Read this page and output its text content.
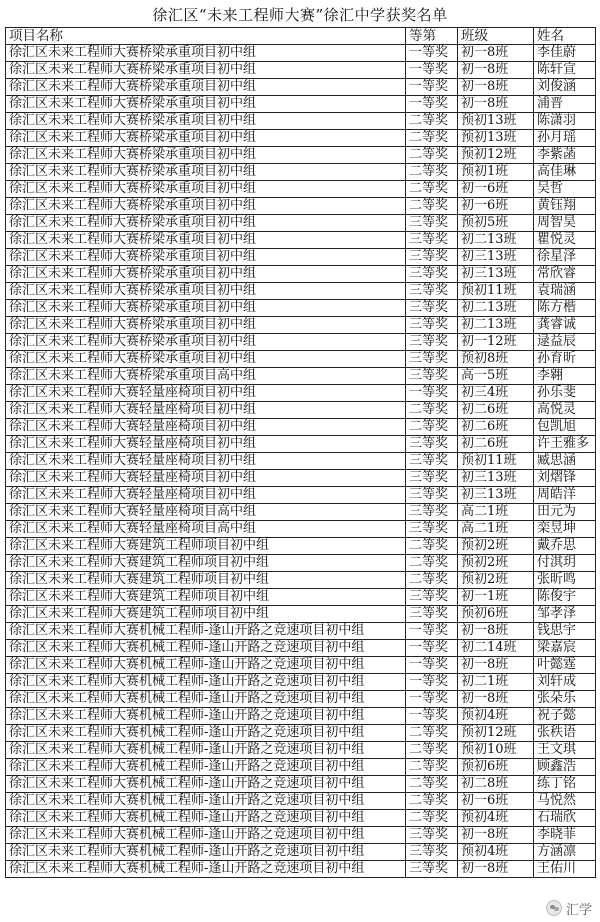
徐汇区“未来工程师大赛”徐汇中学获奖名单
项目名称	等第	班级	姓名
徐汇区未来工程师大赛桥梁承重项目初中组	一等奖	初一8班	李佳蔚
徐汇区未来工程师大赛桥梁承重项目初中组	一等奖	初一8班	陈轩宣
徐汇区未来工程师大赛桥梁承重项目初中组	一等奖	初一8班	刘俊涵
徐汇区未来工程师大赛桥梁承重项目初中组	一等奖	初一8班	浦晋
徐汇区未来工程师大赛桥梁承重项目初中组	二等奖	预初13班	陈潇羽
徐汇区未来工程师大赛桥梁承重项目初中组	二等奖	预初13班	孙月瑶
徐汇区未来工程师大赛桥梁承重项目初中组	二等奖	预初12班	李紫菡
徐汇区未来工程师大赛桥梁承重项目初中组	二等奖	预初1班	高佳琳
徐汇区未来工程师大赛桥梁承重项目初中组	二等奖	初一6班	吴哲
徐汇区未来工程师大赛桥梁承重项目初中组	二等奖	初一6班	黄钰翔
徐汇区未来工程师大赛桥梁承重项目初中组	三等奖	预初5班	周智昊
徐汇区未来工程师大赛桥梁承重项目初中组	三等奖	初二13班	瞿悦灵
徐汇区未来工程师大赛桥梁承重项目初中组	三等奖	初三13班	徐星泽
徐汇区未来工程师大赛桥梁承重项目初中组	三等奖	初三13班	常欣睿
徐汇区未来工程师大赛桥梁承重项目初中组	三等奖	预初11班	袁瑞涵
徐汇区未来工程师大赛桥梁承重项目初中组	三等奖	初二13班	陈方楷
徐汇区未来工程师大赛桥梁承重项目初中组	三等奖	初二13班	龚睿诚
徐汇区未来工程师大赛桥梁承重项目初中组	三等奖	初一12班	逯益辰
徐汇区未来工程师大赛桥梁承重项目初中组	三等奖	预初8班	孙育昕
徐汇区未来工程师大赛桥梁承重项目高中组	三等奖	高一5班	李翱
徐汇区未来工程师大赛轻量座椅项目初中组	一等奖	初三4班	孙乐斐
徐汇区未来工程师大赛轻量座椅项目初中组	二等奖	初二6班	高悦灵
徐汇区未来工程师大赛轻量座椅项目初中组	二等奖	初二6班	包凯旭
徐汇区未来工程师大赛轻量座椅项目初中组	三等奖	初二6班	许王雅多
徐汇区未来工程师大赛轻量座椅项目初中组	三等奖	预初11班	臧思涵
徐汇区未来工程师大赛轻量座椅项目初中组	三等奖	初三13班	刘熠锋
徐汇区未来工程师大赛轻量座椅项目初中组	三等奖	初三13班	周皓洋
徐汇区未来工程师大赛轻量座椅项目高中组	三等奖	高二1班	田元为
徐汇区未来工程师大赛轻量座椅项目高中组	三等奖	高二1班	栾昱坤
徐汇区未来工程师大赛建筑工程师项目初中组	二等奖	预初2班	戴乔思
徐汇区未来工程师大赛建筑工程师项目初中组	二等奖	预初2班	付淇玥
徐汇区未来工程师大赛建筑工程师项目初中组	二等奖	预初2班	张昕鸣
徐汇区未来工程师大赛建筑工程师项目初中组	三等奖	初一1班	陈俊宇
徐汇区未来工程师大赛建筑工程师项目初中组	三等奖	预初6班	邹孝泽
徐汇区未来工程师大赛机械工程师-逢山开路之竞速项目初中组	一等奖	初一8班	钱思宇
徐汇区未来工程师大赛机械工程师-逢山开路之竞速项目初中组	一等奖	初二14班	梁嘉宸
徐汇区未来工程师大赛机械工程师-逢山开路之竞速项目初中组	一等奖	初一8班	叶懿霆
徐汇区未来工程师大赛机械工程师-逢山开路之竞速项目初中组	一等奖	初二1班	刘轩成
徐汇区未来工程师大赛机械工程师-逢山开路之竞速项目初中组	一等奖	初一8班	张朵乐
徐汇区未来工程师大赛机械工程师-逢山开路之竞速项目初中组	一等奖	预初4班	祝子懿
徐汇区未来工程师大赛机械工程师-逢山开路之竞速项目初中组	二等奖	预初12班	张秩语
徐汇区未来工程师大赛机械工程师-逢山开路之竞速项目初中组	二等奖	预初10班	王文琪
徐汇区未来工程师大赛机械工程师-逢山开路之竞速项目初中组	二等奖	预初6班	顾鑫浩
徐汇区未来工程师大赛机械工程师-逢山开路之竞速项目初中组	二等奖	初二8班	练丁铭
徐汇区未来工程师大赛机械工程师-逢山开路之竞速项目初中组	二等奖	初一6班	马悦然
徐汇区未来工程师大赛机械工程师-逢山开路之竞速项目初中组	二等奖	预初4班	石瑞欣
徐汇区未来工程师大赛机械工程师-逢山开路之竞速项目初中组	三等奖	初一8班	李晓菲
徐汇区未来工程师大赛机械工程师-逢山开路之竞速项目初中组	三等奖	预初4班	方涵凛
徐汇区未来工程师大赛机械工程师-逢山开路之竞速项目初中组	三等奖	初一8班	王佑川
汇学
